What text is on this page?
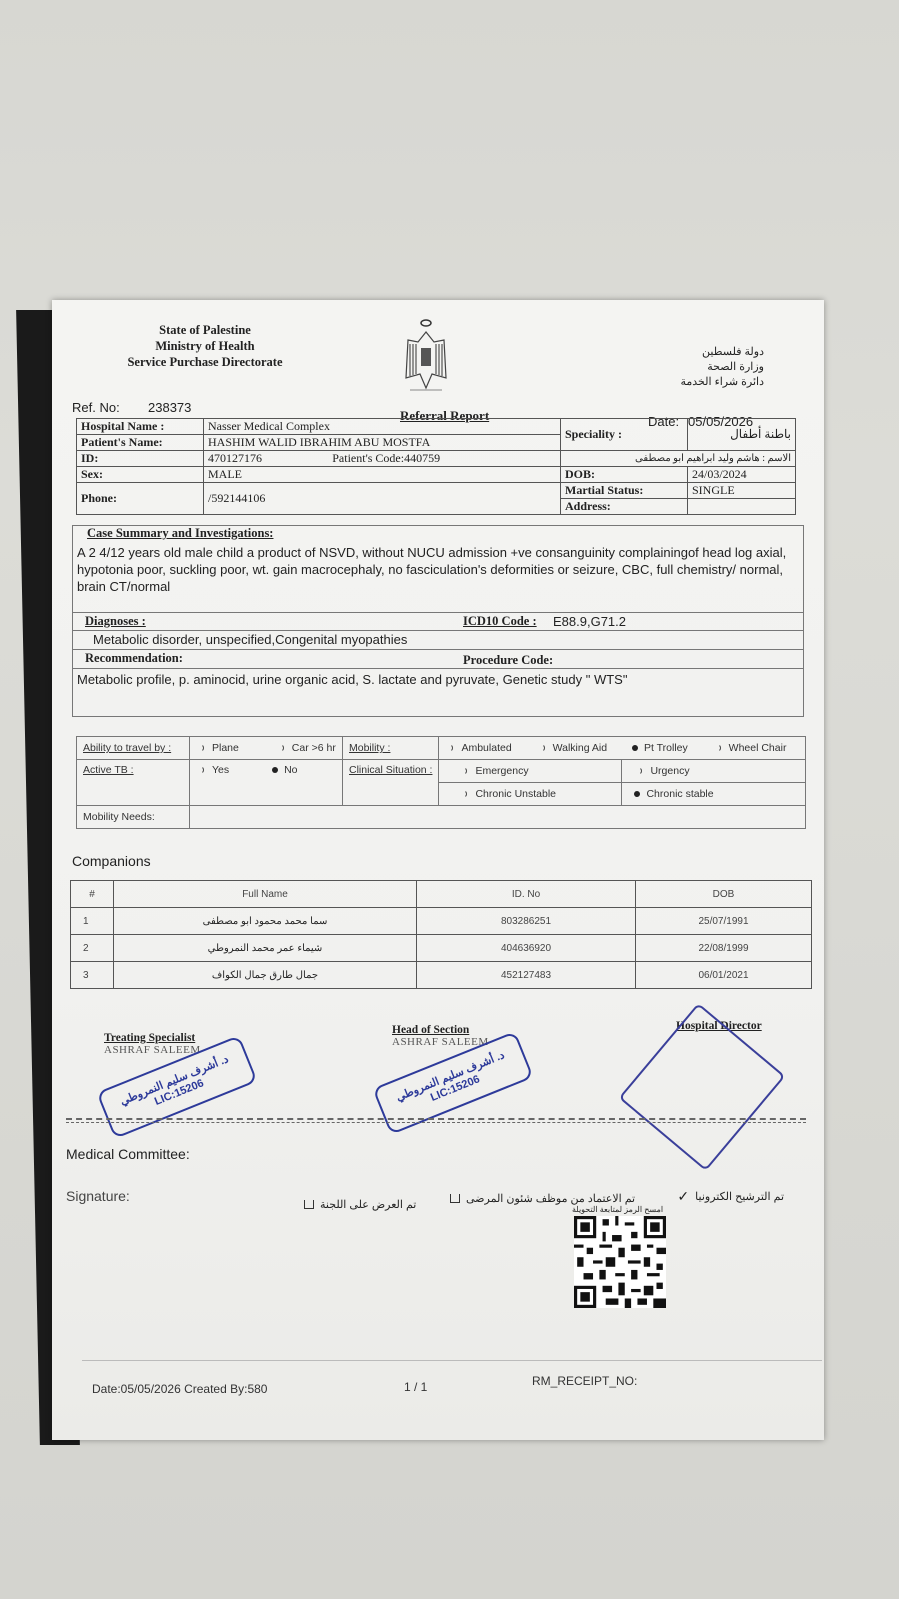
State of Palestine
Ministry of Health
Service Purchase Directorate
دولة فلسطين
وزارة الصحة
دائرة شراء الخدمة
Ref. No: 238373
Referral Report	Date: 05/05/2026
Hospital Name :	Nasser Medical Complex		Speciality :	باطنة أطفال
Patient's Name:	HASHIM WALID IBRAHIM ABU MOSTFA			
ID:	470127176	Patient's Code:440759	الاسم : هاشم وليد ابراهيم ابو مصطفى	
Sex:	MALE		DOB:	24/03/2024
Phone:	/592144106		Martial Status:	SINGLE
			Address:	
Case Summary and Investigations:
A 2 4/12 years old male child a product of NSVD, without NUCU admission +ve consanguinity complainingof head log axial, hypotonia poor, suckling poor, wt. gain macrocephaly, no fasciculation's deformities or seizure, CBC, full chemistry/ normal, brain CT/normal
Diagnoses :	ICD10 Code : E88.9,G71.2
Metabolic disorder, unspecified,Congenital myopathies
Recommendation:	Procedure Code:
Metabolic profile, p. aminocid, urine organic acid, S. lactate and pyruvate, Genetic study " WTS"
Ability to travel by :	Plane Car >6 hr	Mobility :	Ambulated Walking Aid Pt Trolley Wheel Chair	
Active TB :	Yes No	Clinical Situation :	Emergency	Urgency
			Chronic Unstable	Chronic stable
Mobility Needs:				
Companions
#	Full Name	ID. No	DOB
1	سما محمد محمود ابو مصطفى	803286251	25/07/1991
2	شيماء عمر محمد النمروطي	404636920	22/08/1999
3	جمال طارق جمال الكواف	452127483	06/01/2021
Treating Specialist
ASHRAF SALEEM
Head of Section
ASHRAF SALEEM
Hospital Director
د. أشرف سليم النمروطي LIC:15206	د. أشرف سليم النمروطي LIC:15206
Medical Committee:
Signature:	تم الترشيح الكترونيا
✓
تم الاعتماد من موظف شئون المرضى
تم العرض على اللجنة	امسح الرمز لمتابعة التحويلة
Date:05/05/2026 Created By:580	1 / 1	RM_RECEIPT_NO:
